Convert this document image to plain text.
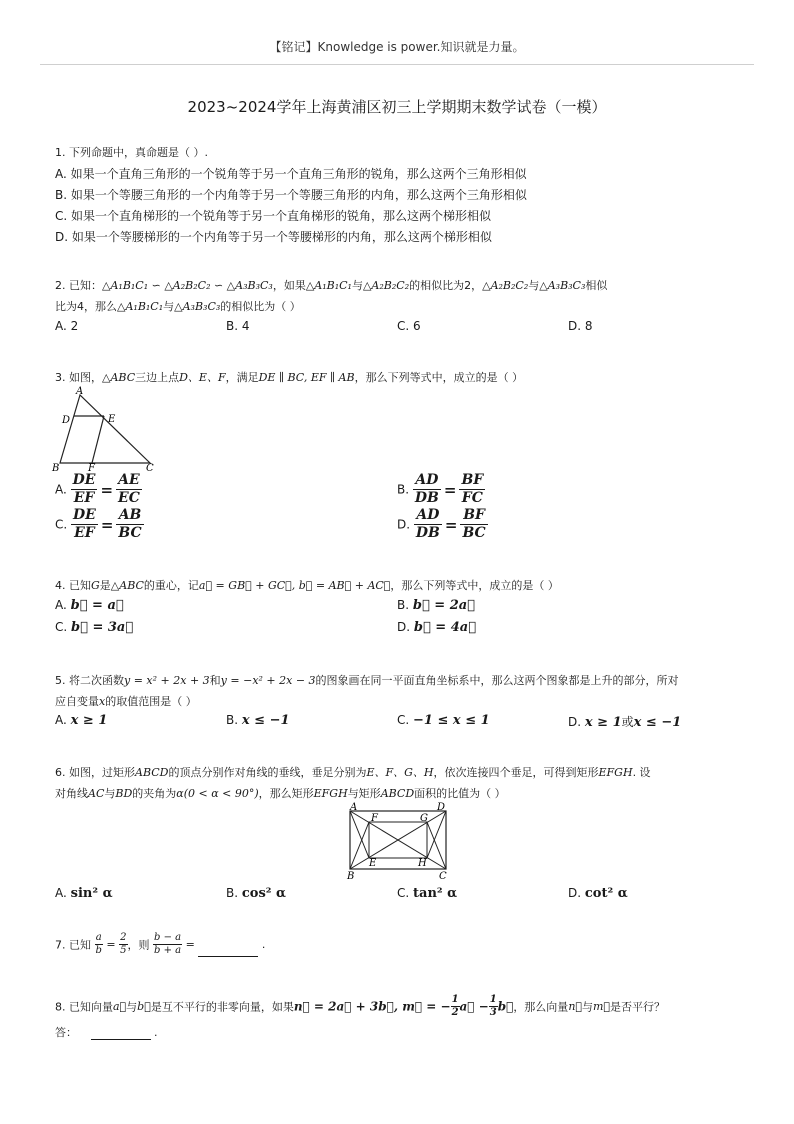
【铭记】Knowledge is power.知识就是力量。
2023~2024学年上海黄浦区初三上学期期末数学试卷（一模）
1. 下列命题中，真命题是（ ）.
A. 如果一个直角三角形的一个锐角等于另一个直角三角形的锐角，那么这两个三角形相似
B. 如果一个等腰三角形的一个内角等于另一个等腰三角形的内角，那么这两个三角形相似
C. 如果一个直角梯形的一个锐角等于另一个直角梯形的锐角，那么这两个梯形相似
D. 如果一个等腰梯形的一个内角等于另一个等腰梯形的内角，那么这两个梯形相似
2. 已知：△A₁B₁C₁ ∽ △A₂B₂C₂ ∽ △A₃B₃C₃，如果△A₁B₁C₁与△A₂B₂C₂的相似比为2，△A₂B₂C₂与△A₃B₃C₃相似
比为4，那么△A₁B₁C₁与△A₃B₃C₃的相似比为（ ）
A. 2	B. 4	C. 6	D. 8
3. 如图，△ABC三边上点D、E、F，满足DE ∥ BC, EF ∥ AB，那么下列等式中，成立的是（ ）
A
B	C
D	E
F
A. $\frac{DE}{EF} = \frac{AE}{EC}$	B. $\frac{AD}{DB} = \frac{BF}{FC}$
C. $\frac{DE}{EF} = \frac{AB}{BC}$	D. $\frac{AD}{DB} = \frac{BF}{BC}$
4. 已知G是△ABC的重心，记a⃗ = GB⃗ + GC⃗, b⃗ = AB⃗ + AC⃗，那么下列等式中，成立的是（ ）
A. b⃗ = a⃗	B. b⃗ = 2a⃗
C. b⃗ = 3a⃗	D. b⃗ = 4a⃗
5. 将二次函数y = x² + 2x + 3和y = −x² + 2x − 3的图象画在同一平面直角坐标系中，那么这两个图象都是上升的部分，所对
应自变量x的取值范围是（ ）
A. x ≥ 1	B. x ≤ −1	C. −1 ≤ x ≤ 1	D. x ≥ 1或x ≤ −1
6. 如图，过矩形ABCD的顶点分别作对角线的垂线，垂足分别为E、F、G、H，依次连接四个垂足，可得到矩形EFGH. 设
对角线AC与BD的夹角为α(0 < α < 90°)，那么矩形EFGH与矩形ABCD面积的比值为（ ）
A	D
B	C
F	G
E	H
A. sin² α	B. cos² α	C. tan² α	D. cot² α
7. 已知 $\frac{a}{b} = \frac{2}{5}$ ，则 $\frac{b - a}{b + a}$ =	.
8. 已知向量a⃗与b⃗是互不平行的非零向量，如果n⃗ = 2a⃗ + 3b⃗, m⃗ = − $\frac{1}{2}$ a⃗ − $\frac{1}{3}$ b⃗，那么向量n⃗与m⃗是否平行？
答：	.
